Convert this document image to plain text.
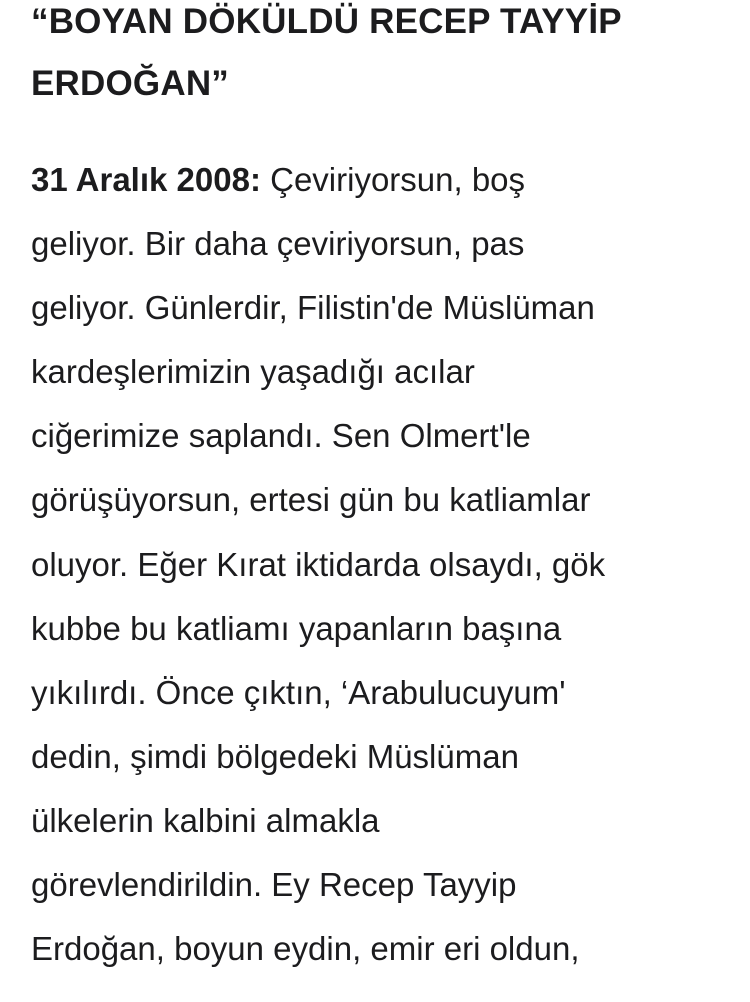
“BOYAN DÖKÜLDÜ RECEP TAYYİP
ERDOĞAN”
31 Aralık 2008: Çeviriyorsun, boş
geliyor. Bir daha çeviriyorsun, pas
geliyor. Günlerdir, Filistin'de Müslüman
kardeşlerimizin yaşadığı acılar
ciğerimize saplandı. Sen Olmert'le
görüşüyorsun, ertesi gün bu katliamlar
oluyor. Eğer Kırat iktidarda olsaydı, gök
kubbe bu katliamı yapanların başına
yıkılırdı. Önce çıktın, ‘Arabulucuyum'
dedin, şimdi bölgedeki Müslüman
ülkelerin kalbini almakla
görevlendirildin. Ey Recep Tayyip
Erdoğan, boyun eydin, emir eri oldun,
